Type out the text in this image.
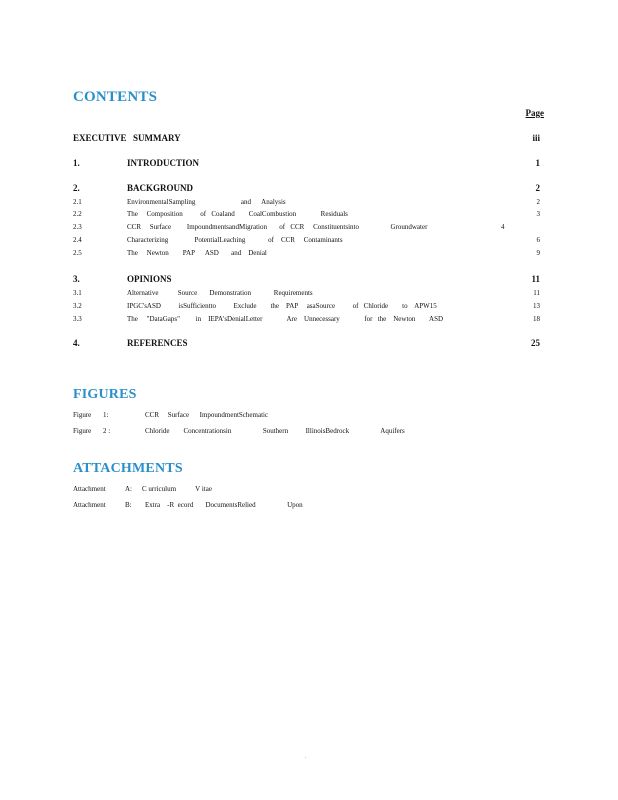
CONTENTS
Page
EXECUTIVE SUMMARY	iii
1.	INTRODUCTION	1
2.	BACKGROUND	2
2.1	EnvironmentalSampling                          and      Analysis	2
2.2	The     Composition          of   Coaland        CoalCombustion              Residuals	3
2.3	CCR     Surface         ImpoundmentsandMigration       of   CCR     Constituentsinto                  Groundwater	4
2.4	Characterizing               PotentialLeaching             of    CCR     Contaminants	6
2.5	The     Newton        PAP      ASD       and    Denial	9
3.	OPINIONS	11
3.1	Alternative           Source       Demonstration             Requirements	11
3.2	IPGC'sASD          isSufficientto          Exclude        the    PAP     asaSource          of   Chloride        to    APW15	13
3.3	The     "DataGaps"         in    IEPA'sDenialLetter              Are    Unnecessary              for   the    Newton        ASD	18
4.	REFERENCES	25
FIGURES
Figure 1:	CCR     Surface      ImpoundmentSchematic
Figure 2 :	Chloride        Concentrationsin                  Southern          IllinoisBedrock                  Aquifers
ATTACHMENTS
Attachment	A: C urriculum           V itae
Attachment	B: Extra    -R  ecord       DocumentsRelied                  Upon
.
